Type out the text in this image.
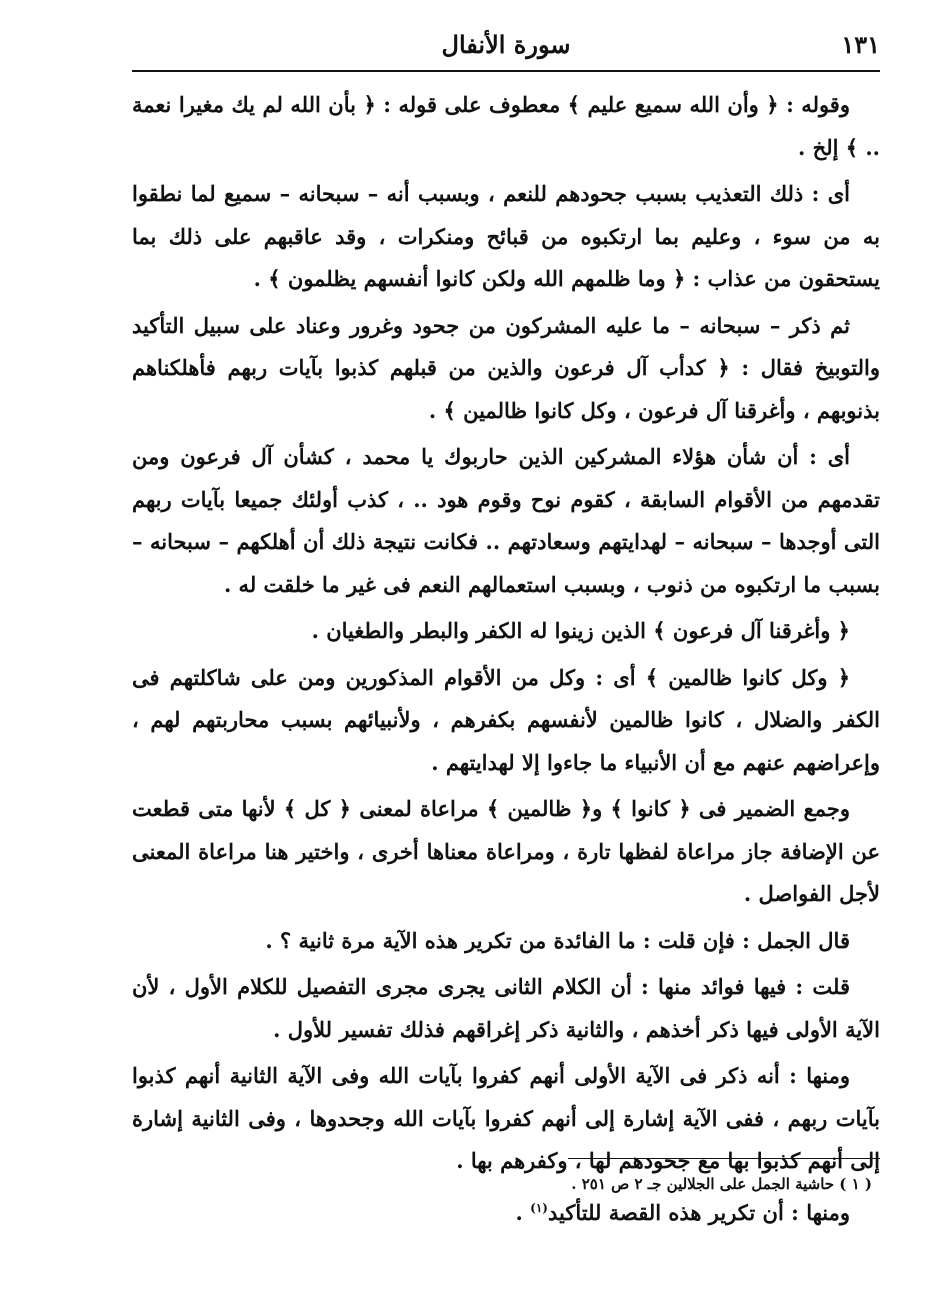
١٣١
سورة الأنفال

وقوله : ﴿ وأن الله سميع عليم ﴾ معطوف على قوله : ﴿ بأن الله لم يك مغيرا نعمة .. ﴾ إلخ .

أى : ذلك التعذيب بسبب جحودهم للنعم ، وبسبب أنه – سبحانه – سميع لما نطقوا به من سوء ، وعليم بما ارتكبوه من قبائح ومنكرات ، وقد عاقبهم على ذلك بما يستحقون من عذاب : ﴿ وما ظلمهم الله ولكن كانوا أنفسهم يظلمون ﴾ .

ثم ذكر – سبحانه – ما عليه المشركون من جحود وغرور وعناد على سبيل التأكيد والتوبيخ فقال : ﴿ كدأب آل فرعون والذين من قبلهم كذبوا بآيات ربهم فأهلكناهم بذنوبهم ، وأغرقنا آل فرعون ، وكل كانوا ظالمين ﴾ .

أى : أن شأن هؤلاء المشركين الذين حاربوك يا محمد ، كشأن آل فرعون ومن تقدمهم من الأقوام السابقة ، كقوم نوح وقوم هود .. ، كذب أولئك جميعا بآيات ربهم التى أوجدها – سبحانه – لهدايتهم وسعادتهم .. فكانت نتيجة ذلك أن أهلكهم – سبحانه – بسبب ما ارتكبوه من ذنوب ، وبسبب استعمالهم النعم فى غير ما خلقت له .

﴿ وأغرقنا آل فرعون ﴾ الذين زينوا له الكفر والبطر والطغيان .

﴿ وكل كانوا ظالمين ﴾ أى : وكل من الأقوام المذكورين ومن على شاكلتهم فى الكفر والضلال ، كانوا ظالمين لأنفسهم بكفرهم ، ولأنبيائهم بسبب محاربتهم لهم ، وإعراضهم عنهم مع أن الأنبياء ما جاءوا إلا لهدايتهم .

وجمع الضمير فى ﴿ كانوا ﴾ و﴿ ظالمين ﴾ مراعاة لمعنى ﴿ كل ﴾ لأنها متى قطعت عن الإضافة جاز مراعاة لفظها تارة ، ومراعاة معناها أخرى ، واختير هنا مراعاة المعنى لأجل الفواصل .

قال الجمل : فإن قلت : ما الفائدة من تكرير هذه الآية مرة ثانية ؟ .

قلت : فيها فوائد منها : أن الكلام الثانى يجرى مجرى التفصيل للكلام الأول ، لأن الآية الأولى فيها ذكر أخذهم ، والثانية ذكر إغراقهم فذلك تفسير للأول .

ومنها : أنه ذكر فى الآية الأولى أنهم كفروا بآيات الله وفى الآية الثانية أنهم كذبوا بآيات ربهم ، ففى الآية إشارة إلى أنهم كفروا بآيات الله وجحدوها ، وفى الثانية إشارة إلى أنهم كذبوا بها مع جحودهم لها ، وكفرهم بها .

ومنها : أن تكرير هذه القصة للتأكيد$^{(١)}$ .

( ١ ) حاشية الجمل على الجلالين جـ ٢ ص ٢٥١ .
